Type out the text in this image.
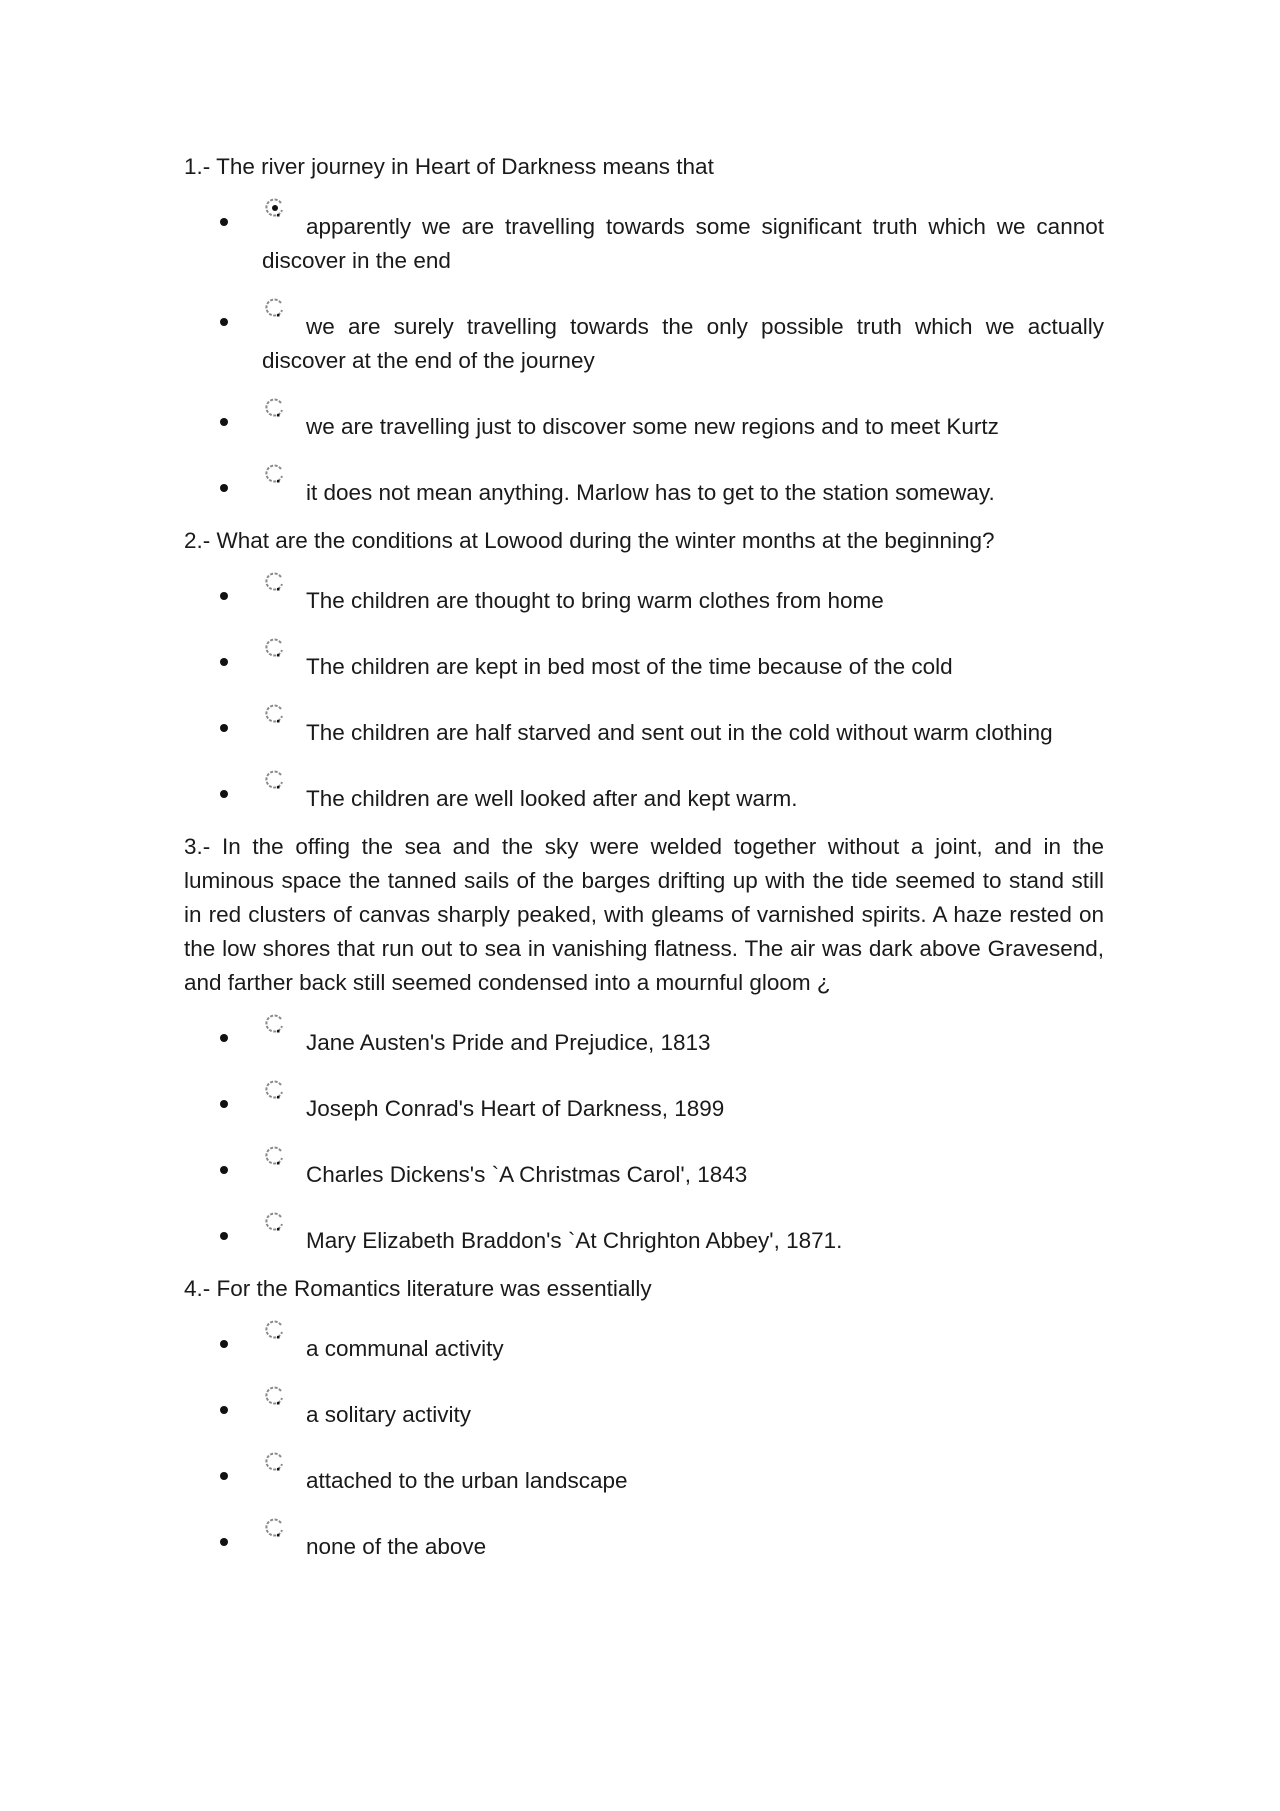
1.- The river journey in Heart of Darkness means that

apparently we are travelling towards some significant truth which we cannot discover in the end
we are surely travelling towards the only possible truth which we actually discover at the end of the journey
we are travelling just to discover some new regions and to meet Kurtz
it does not mean anything. Marlow has to get to the station someway.

2.- What are the conditions at Lowood during the winter months at the beginning?

The children are thought to bring warm clothes from home
The children are kept in bed most of the time because of the cold
The children are half starved and sent out in the cold without warm clothing
The children are well looked after and kept warm.

3.- In the offing the sea and the sky were welded together without a joint, and in the luminous space the tanned sails of the barges drifting up with the tide seemed to stand still in red clusters of canvas sharply peaked, with gleams of varnished spirits. A haze rested on the low shores that run out to sea in vanishing flatness. The air was dark above Gravesend, and farther back still seemed condensed into a mournful gloom ¿

Jane Austen's Pride and Prejudice, 1813
Joseph Conrad's Heart of Darkness, 1899
Charles Dickens's `A Christmas Carol', 1843
Mary Elizabeth Braddon's `At Chrighton Abbey', 1871.

4.- For the Romantics literature was essentially

a communal activity
a solitary activity
attached to the urban landscape
none of the above
